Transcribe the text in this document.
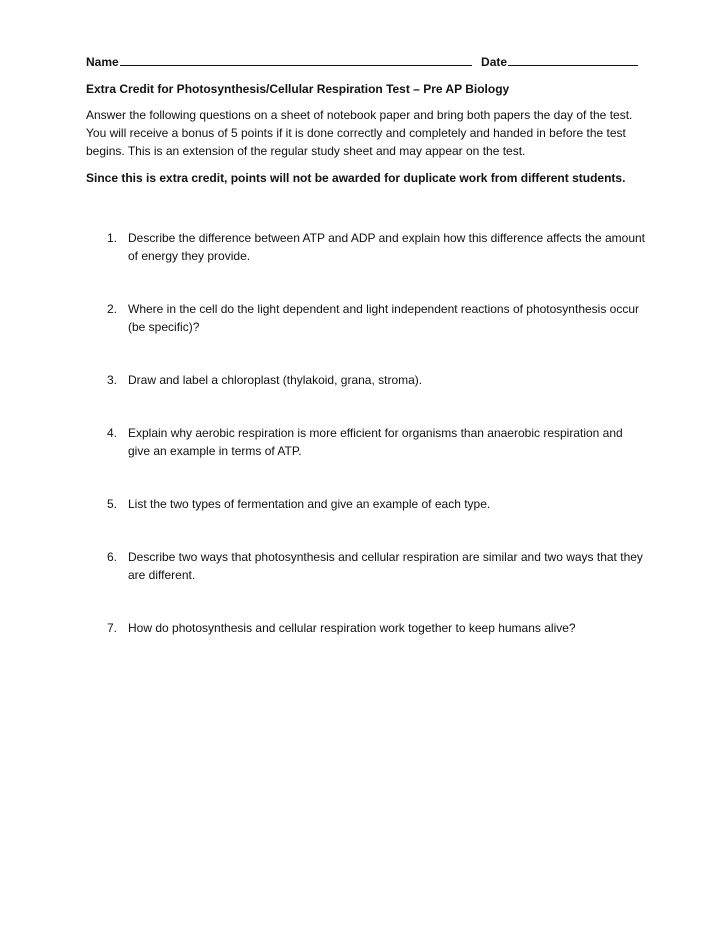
Name	Date
Extra Credit for Photosynthesis/Cellular Respiration Test – Pre AP Biology

Answer the following questions on a sheet of notebook paper and bring both papers the day of the test. You will receive a bonus of 5 points if it is done correctly and completely and handed in before the test begins. This is an extension of the regular study sheet and may appear on the test.

Since this is extra credit, points will not be awarded for duplicate work from different students.
1. Describe the difference between ATP and ADP and explain how this difference affects the amount of energy they provide.
2. Where in the cell do the light dependent and light independent reactions of photosynthesis occur (be specific)?
3. Draw and label a chloroplast (thylakoid, grana, stroma).
4. Explain why aerobic respiration is more efficient for organisms than anaerobic respiration and give an example in terms of ATP.
5. List the two types of fermentation and give an example of each type.
6. Describe two ways that photosynthesis and cellular respiration are similar and two ways that they are different.
7. How do photosynthesis and cellular respiration work together to keep humans alive?
